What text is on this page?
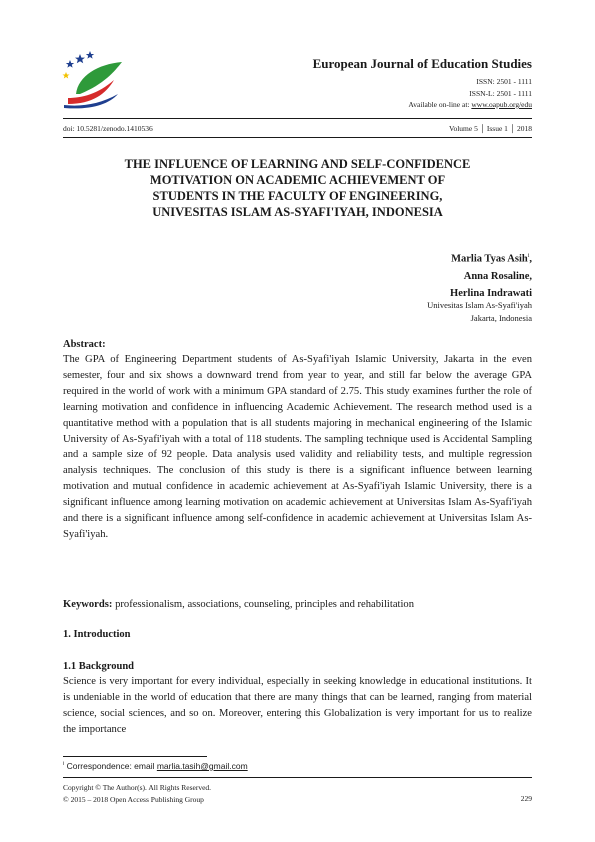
European Journal of Education Studies
ISSN: 2501 - 1111
ISSN-L: 2501 - 1111
Available on-line at: www.oapub.org/edu
doi: 10.5281/zenodo.1410536	Volume 5 │ Issue 1 │ 2018
THE INFLUENCE OF LEARNING AND SELF-CONFIDENCE
MOTIVATION ON ACADEMIC ACHIEVEMENT OF
STUDENTS IN THE FACULTY OF ENGINEERING,
UNIVESITAS ISLAM AS-SYAFI'IYAH, INDONESIA
Marlia Tyas Asih$^i$,
Anna Rosaline,
Herlina Indrawati
Univesitas Islam As-Syafi'iyah
Jakarta, Indonesia
Abstract:
The GPA of Engineering Department students of As-Syafi'iyah Islamic University, Jakarta in the even semester, four and six shows a downward trend from year to year, and still far below the average GPA required in the world of work with a minimum GPA standard of 2.75. This study examines further the role of learning motivation and confidence in influencing Academic Achievement. The research method used is a quantitative method with a population that is all students majoring in mechanical engineering of the Islamic University of As-Syafi'iyah with a total of 118 students. The sampling technique used is Accidental Sampling and a sample size of 92 people. Data analysis used validity and reliability tests, and multiple regression analysis techniques. The conclusion of this study is there is a significant influence between learning motivation and mutual confidence in academic achievement at As-Syafi'iyah Islamic University, there is a significant influence among learning motivation on academic achievement at Universitas Islam As-Syafi'iyah and there is a significant influence among self-confidence in academic achievement at Universitas Islam As-Syafi'iyah.
Keywords: professionalism, associations, counseling, principles and rehabilitation
1. Introduction
1.1 Background
Science is very important for every individual, especially in seeking knowledge in educational institutions. It is undeniable in the world of education that there are many things that can be learned, ranging from material science, social sciences, and so on. Moreover, entering this Globalization is very important for us to realize the importance
$^i$ Correspondence: email marlia.tasih@gmail.com
Copyright © The Author(s). All Rights Reserved.
© 2015 – 2018 Open Access Publishing Group	229
